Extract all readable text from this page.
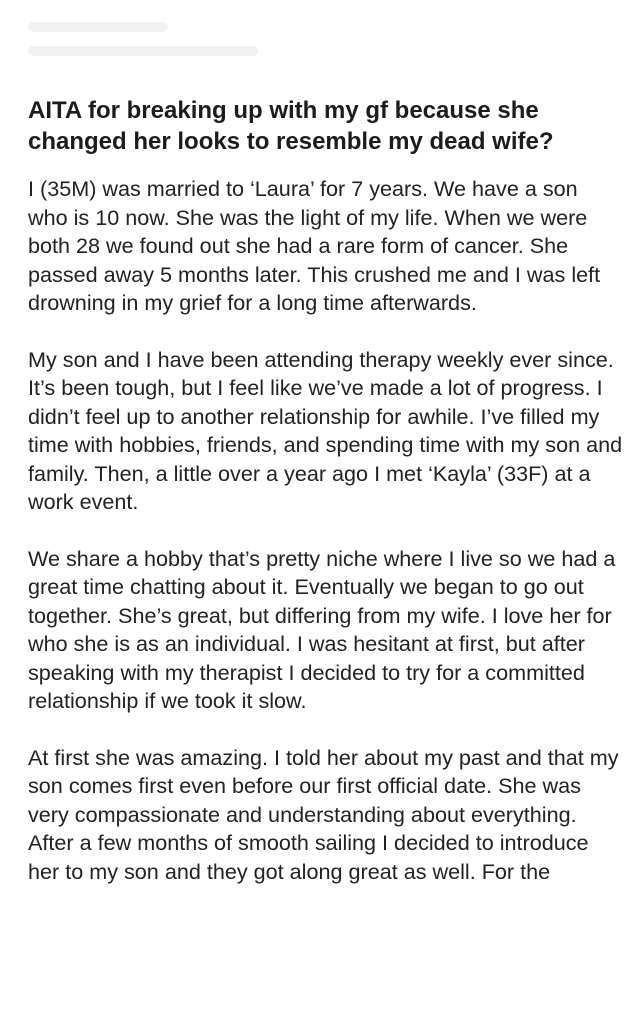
AITA for breaking up with my gf because she changed her looks to resemble my dead wife?

I (35M) was married to ‘Laura’ for 7 years. We have a son who is 10 now. She was the light of my life. When we were both 28 we found out she had a rare form of cancer. She passed away 5 months later. This crushed me and I was left drowning in my grief for a long time afterwards.

My son and I have been attending therapy weekly ever since. It’s been tough, but I feel like we’ve made a lot of progress. I didn’t feel up to another relationship for awhile. I’ve filled my time with hobbies, friends, and spending time with my son and family. Then, a little over a year ago I met ‘Kayla’ (33F) at a work event.

We share a hobby that’s pretty niche where I live so we had a great time chatting about it. Eventually we began to go out together. She’s great, but differing from my wife. I love her for who she is as an individual. I was hesitant at first, but after speaking with my therapist I decided to try for a committed relationship if we took it slow.

At first she was amazing. I told her about my past and that my son comes first even before our first official date. She was very compassionate and understanding about everything. After a few months of smooth sailing I decided to introduce her to my son and they got along great as well. For the
